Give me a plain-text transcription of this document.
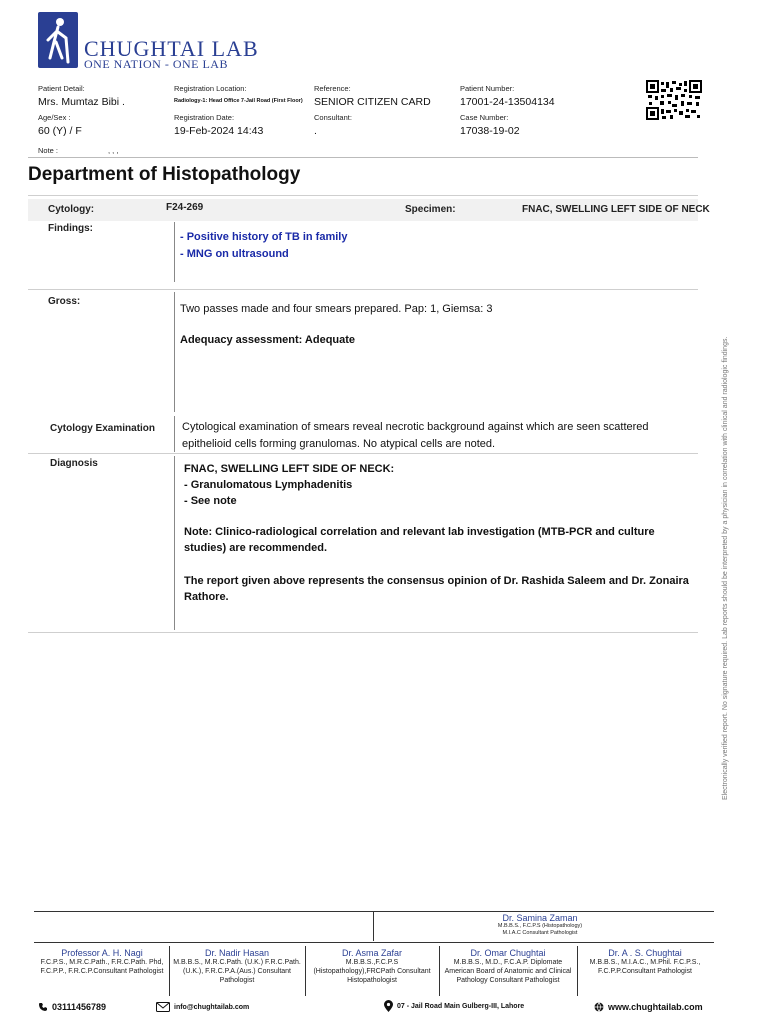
CHUGHTAI LAB
ONE NATION - ONE LAB
Patient Detail:
Mrs. Mumtaz Bibi .
Age/Sex :
60 (Y) / F
Note :	, , ,
Registration Location:
Radiology-1: Head Office 7-Jail Road (First Floor)
Registration Date:
19-Feb-2024 14:43
Reference:
SENIOR CITIZEN CARD
Consultant:
.
Patient Number:
17001-24-13504134
Case Number:
17038-19-02
Department of Histopathology
Cytology:	F24-269	Specimen:	FNAC, SWELLING LEFT SIDE OF NECK
Findings:
- Positive history of TB in family
- MNG on ultrasound
Gross:
Two passes made and four smears prepared. Pap: 1, Giemsa: 3
Adequacy assessment: Adequate
Cytology Examination Cytological examination of smears reveal necrotic background against which are seen scattered epithelioid cells forming granulomas. No atypical cells are noted.
Diagnosis	FNAC, SWELLING LEFT SIDE OF NECK:
- Granulomatous Lymphadenitis
- See note
Note: Clinico-radiological correlation and relevant lab investigation (MTB-PCR and culture studies) are recommended.
The report given above represents the consensus opinion of Dr. Rashida Saleem and Dr. Zonaira Rathore.	Electronically verified report. No signature required. Lab reports should be interpreted by a physician in correlation with clinical and radiologic findings.
Dr. Samina Zaman
M.B.B.S., F.C.P.S (Histopathology)
M.I.A.C Consultant Pathologist
Professor A. H. Nagi
F.C.P.S., M.R.C.Path., F.R.C.Path. Phd, F.C.P.P., F.R.C.P.Consultant Pathologist
Dr. Nadir Hasan
M.B.B.S., M.R.C.Path. (U.K.) F.R.C.Path. (U.K.), F.R.C.P.A.(Aus.) Consultant Pathologist
Dr. Asma Zafar
M.B.B.S.,F.C.P.S (Histopathology),FRCPath Consultant Histopathologist
Dr. Omar Chughtai
M.B.B.S., M.D., F.C.A.P. Diplomate American Board of Anatomic and Clinical Pathology Consultant Pathologist
Dr. A . S. Chughtai
M.B.B.S., M.I.A.C., M.Phil. F.C.P.S., F.C.P.P.Consultant Pathologist
03111456789	info@chughtailab.com	07 - Jail Road Main Gulberg-III, Lahore	www.chughtailab.com
